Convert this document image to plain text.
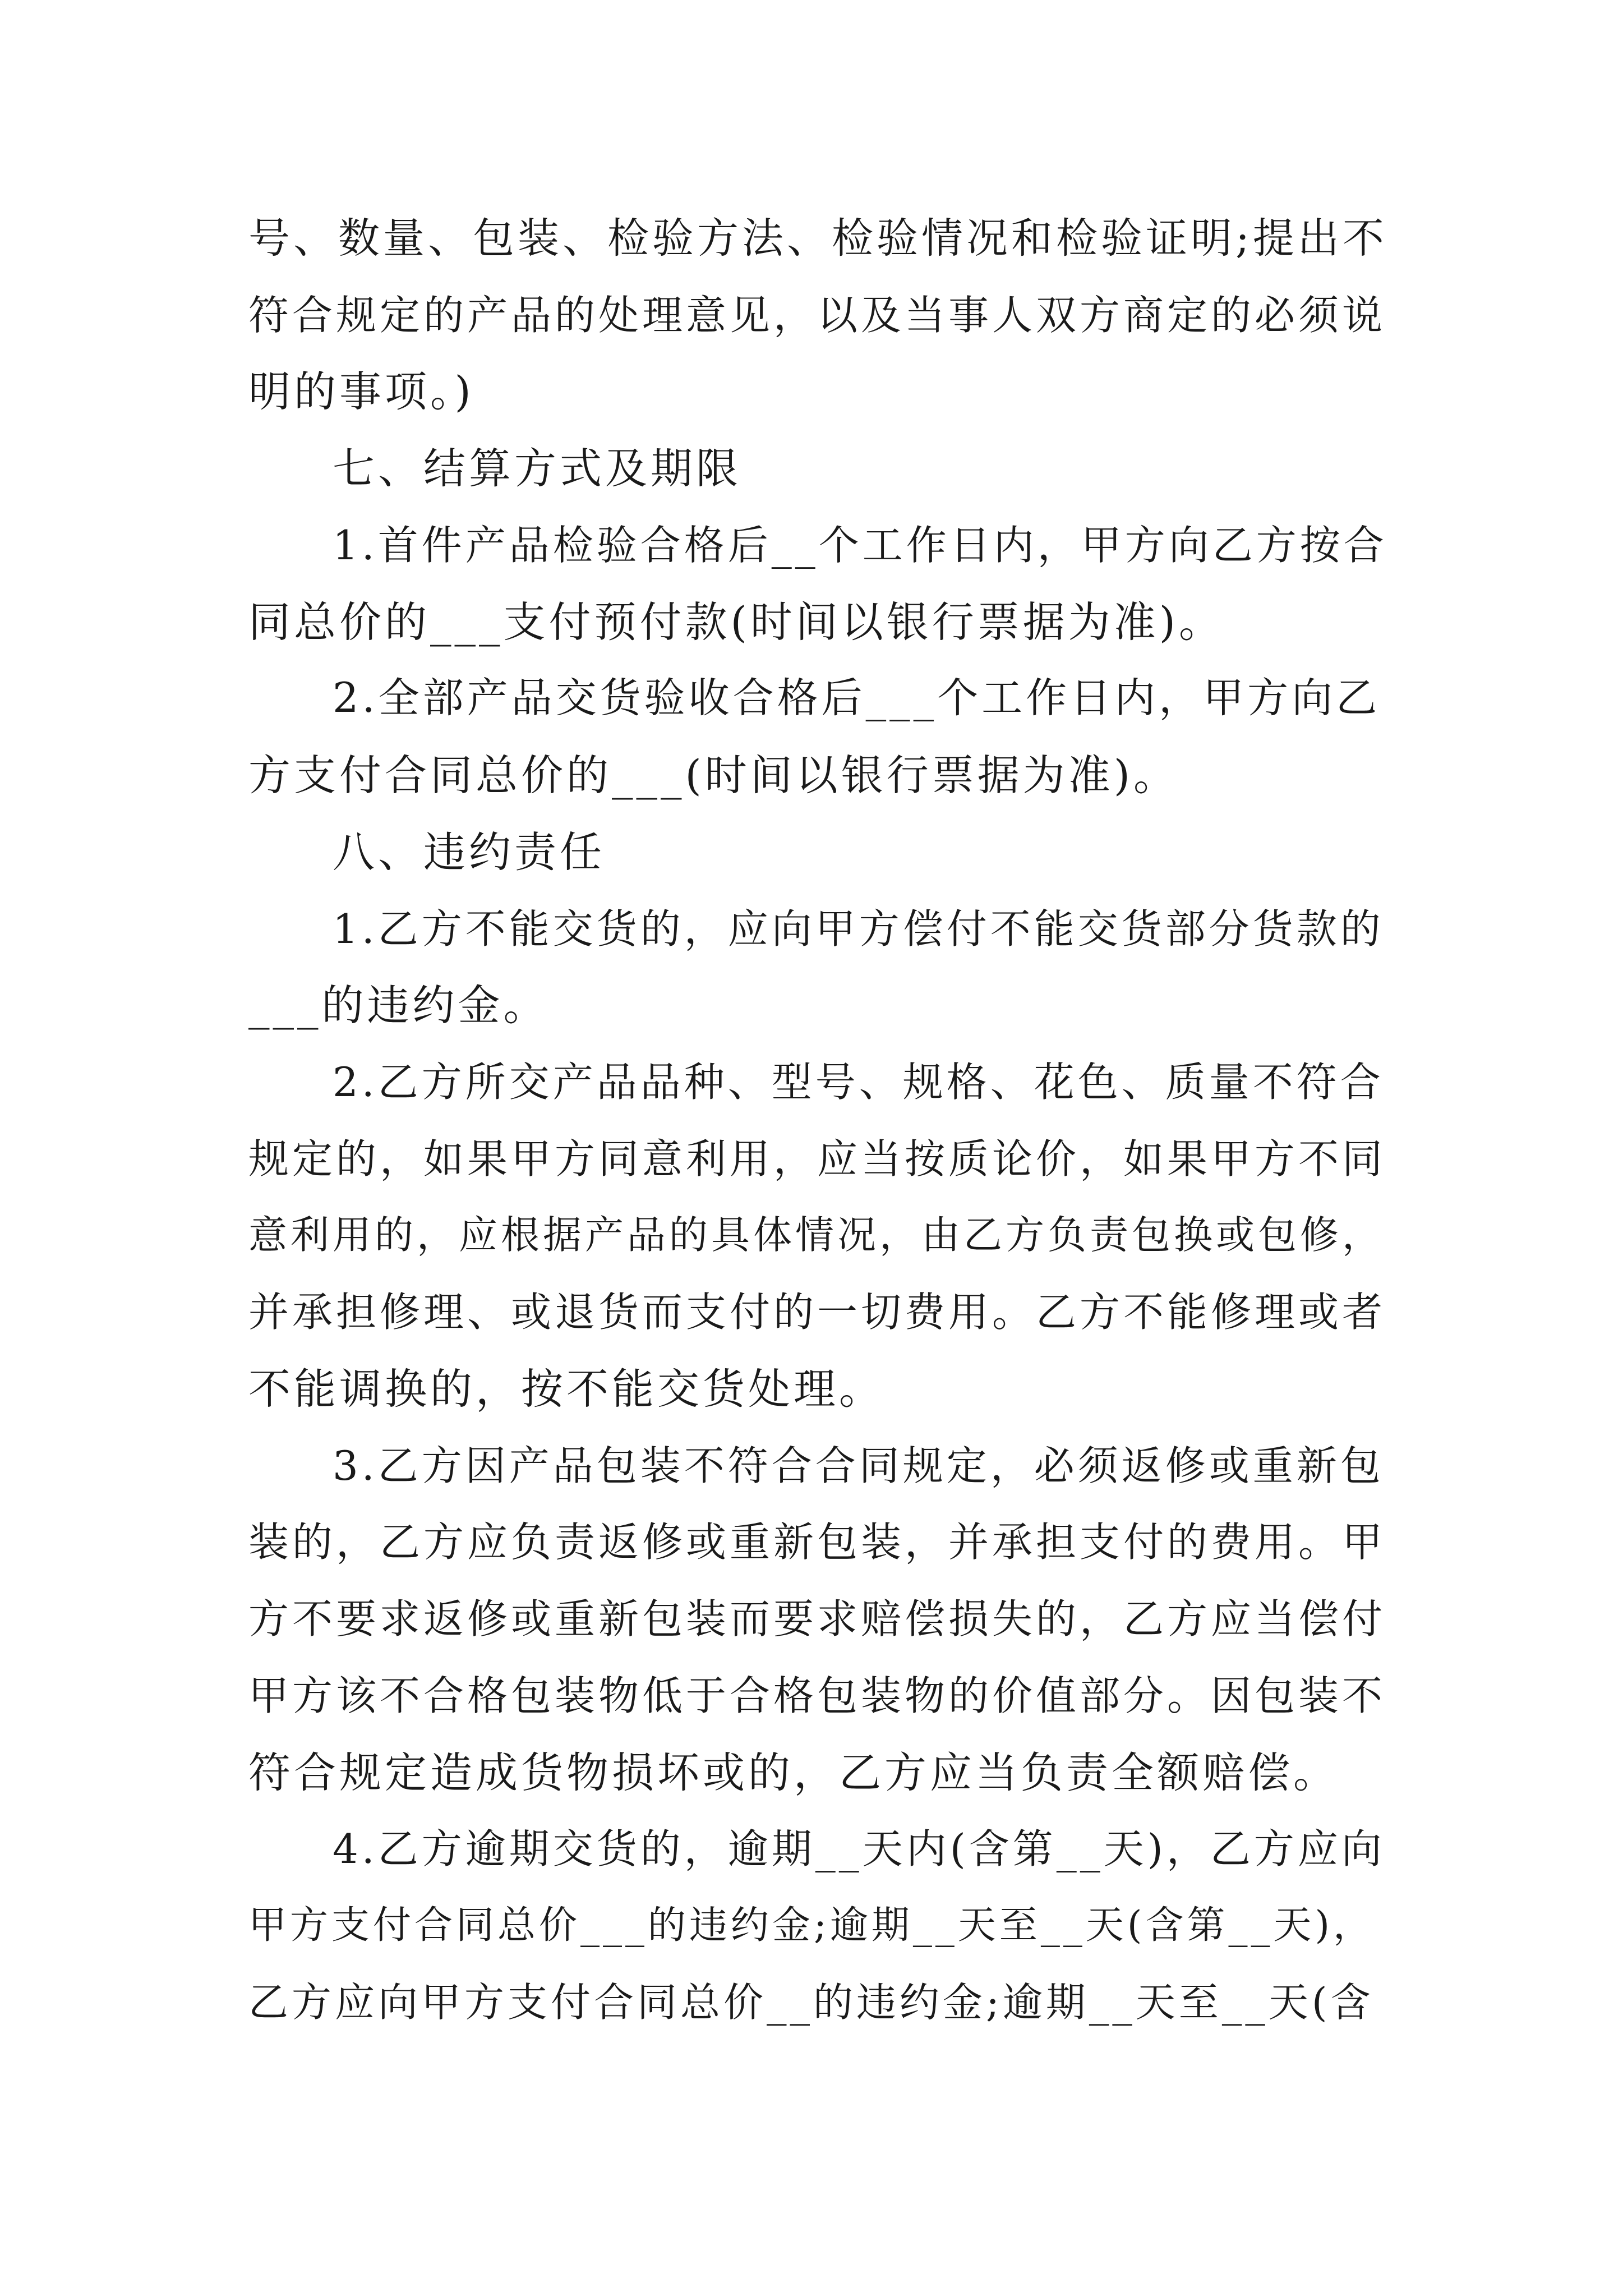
号、数量、包装、检验方法、检验情况和检验证明;提出不
符合规定的产品的处理意见，以及当事人双方商定的必须说
明的事项。)
七、结算方式及期限
1.首件产品检验合格后__个工作日内，甲方向乙方按合
同总价的___支付预付款(时间以银行票据为准)。
2.全部产品交货验收合格后___个工作日内，甲方向乙
方支付合同总价的___(时间以银行票据为准)。
八、违约责任
1.乙方不能交货的，应向甲方偿付不能交货部分货款的
___的违约金。
2.乙方所交产品品种、型号、规格、花色、质量不符合
规定的，如果甲方同意利用，应当按质论价，如果甲方不同
意利用的，应根据产品的具体情况，由乙方负责包换或包修，
并承担修理、或退货而支付的一切费用。乙方不能修理或者
不能调换的，按不能交货处理。
3.乙方因产品包装不符合合同规定，必须返修或重新包
装的，乙方应负责返修或重新包装，并承担支付的费用。甲
方不要求返修或重新包装而要求赔偿损失的，乙方应当偿付
甲方该不合格包装物低于合格包装物的价值部分。因包装不
符合规定造成货物损坏或的，乙方应当负责全额赔偿。
4.乙方逾期交货的，逾期__天内(含第__天)，乙方应向
甲方支付合同总价___的违约金;逾期__天至__天(含第__天)，
乙方应向甲方支付合同总价__的违约金;逾期__天至__天(含
